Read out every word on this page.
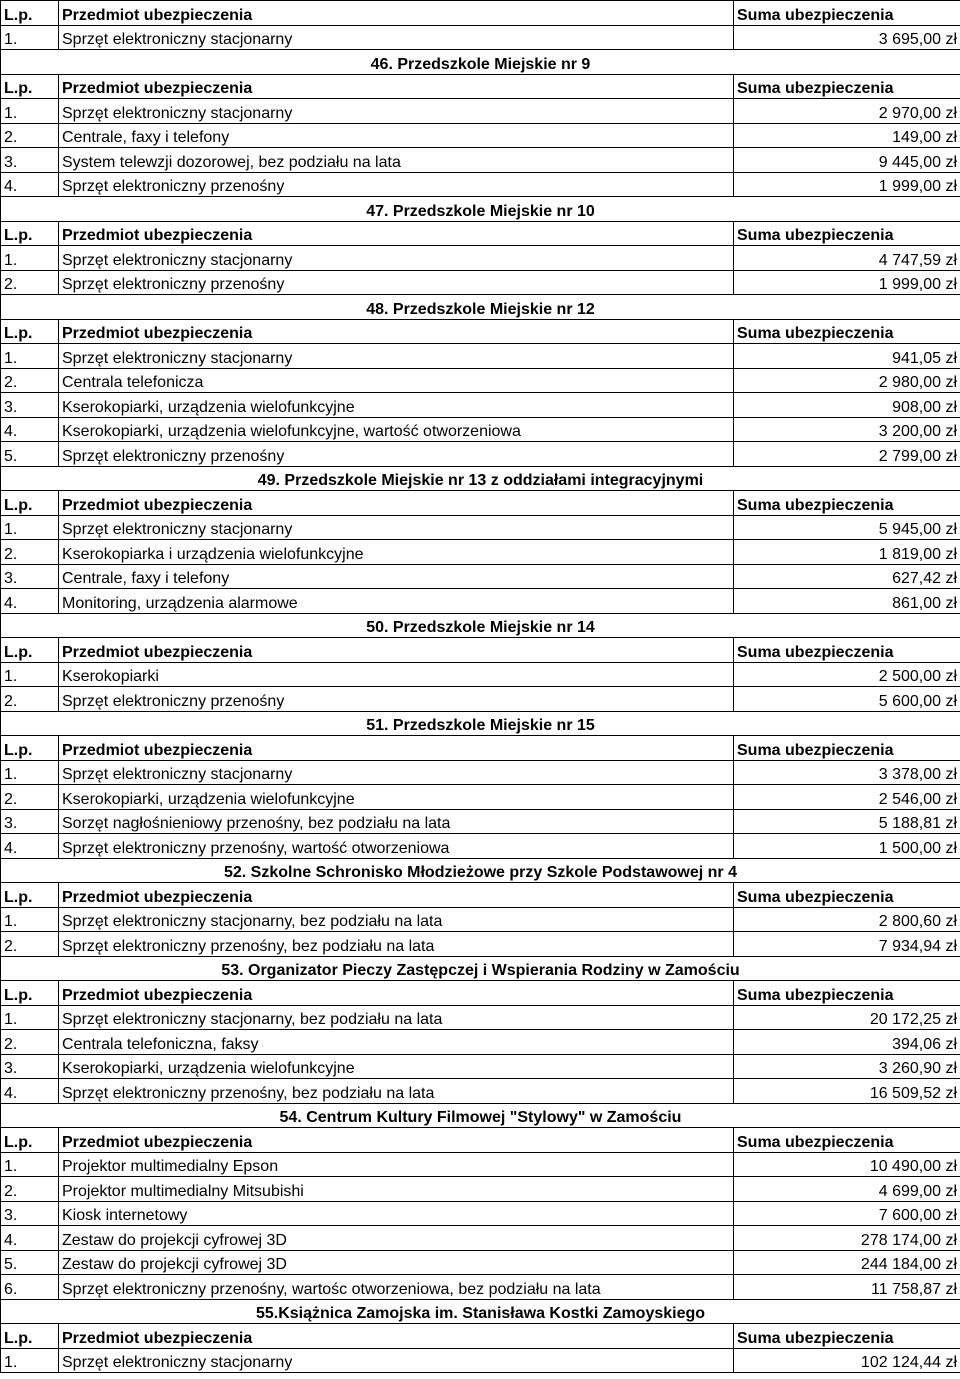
L.p.	Przedmiot ubezpieczenia	Suma ubezpieczenia
1.	Sprzęt elektroniczny stacjonarny	3 695,00 zł
46. Przedszkole Miejskie nr 9		
L.p.	Przedmiot ubezpieczenia	Suma ubezpieczenia
1.	Sprzęt elektroniczny stacjonarny	2 970,00 zł
2.	Centrale, faxy i telefony	149,00 zł
3.	System telewzji dozorowej, bez podziału na lata	9 445,00 zł
4.	Sprzęt elektroniczny przenośny	1 999,00 zł
47. Przedszkole Miejskie nr 10		
L.p.	Przedmiot ubezpieczenia	Suma ubezpieczenia
1.	Sprzęt elektroniczny stacjonarny	4 747,59 zł
2.	Sprzęt elektroniczny przenośny	1 999,00 zł
48. Przedszkole Miejskie nr 12		
L.p.	Przedmiot ubezpieczenia	Suma ubezpieczenia
1.	Sprzęt elektroniczny stacjonarny	941,05 zł
2.	Centrala telefonicza	2 980,00 zł
3.	Kserokopiarki, urządzenia wielofunkcyjne	908,00 zł
4.	Kserokopiarki, urządzenia wielofunkcyjne, wartość otworzeniowa	3 200,00 zł
5.	Sprzęt elektroniczny przenośny	2 799,00 zł
49. Przedszkole Miejskie nr 13 z oddziałami integracyjnymi		
L.p.	Przedmiot ubezpieczenia	Suma ubezpieczenia
1.	Sprzęt elektroniczny stacjonarny	5 945,00 zł
2.	Kserokopiarka i urządzenia wielofunkcyjne	1 819,00 zł
3.	Centrale, faxy i telefony	627,42 zł
4.	Monitoring, urządzenia alarmowe	861,00 zł
50. Przedszkole Miejskie nr 14		
L.p.	Przedmiot ubezpieczenia	Suma ubezpieczenia
1.	Kserokopiarki	2 500,00 zł
2.	Sprzęt elektroniczny przenośny	5 600,00 zł
51. Przedszkole Miejskie nr 15		
L.p.	Przedmiot ubezpieczenia	Suma ubezpieczenia
1.	Sprzęt elektroniczny stacjonarny	3 378,00 zł
2.	Kserokopiarki, urządzenia wielofunkcyjne	2 546,00 zł
3.	Sorzęt nagłośnieniowy przenośny, bez podziału na lata	5 188,81 zł
4.	Sprzęt elektroniczny przenośny, wartość otworzeniowa	1 500,00 zł
52. Szkolne Schronisko Młodzieżowe przy Szkole Podstawowej nr 4		
L.p.	Przedmiot ubezpieczenia	Suma ubezpieczenia
1.	Sprzęt elektroniczny stacjonarny, bez podziału na lata	2 800,60 zł
2.	Sprzęt elektroniczny przenośny, bez podziału na lata	7 934,94 zł
53. Organizator Pieczy Zastępczej i Wspierania Rodziny w Zamościu		
L.p.	Przedmiot ubezpieczenia	Suma ubezpieczenia
1.	Sprzęt elektroniczny stacjonarny, bez podziału na lata	20 172,25 zł
2.	Centrala telefoniczna, faksy	394,06 zł
3.	Kserokopiarki, urządzenia wielofunkcyjne	3 260,90 zł
4.	Sprzęt elektroniczny przenośny, bez podziału na lata	16 509,52 zł
54. Centrum Kultury Filmowej "Stylowy" w Zamościu		
L.p.	Przedmiot ubezpieczenia	Suma ubezpieczenia
1.	Projektor multimedialny Epson	10 490,00 zł
2.	Projektor multimedialny Mitsubishi	4 699,00 zł
3.	Kiosk internetowy	7 600,00 zł
4.	Zestaw do projekcji cyfrowej 3D	278 174,00 zł
5.	Zestaw do projekcji cyfrowej 3D	244 184,00 zł
6.	Sprzęt elektroniczny przenośny, wartośc otworzeniowa, bez podziału na lata	11 758,87 zł
55.Książnica Zamojska im. Stanisława Kostki Zamoyskiego		
L.p.	Przedmiot ubezpieczenia	Suma ubezpieczenia
1.	Sprzęt elektroniczny stacjonarny	102 124,44 zł
